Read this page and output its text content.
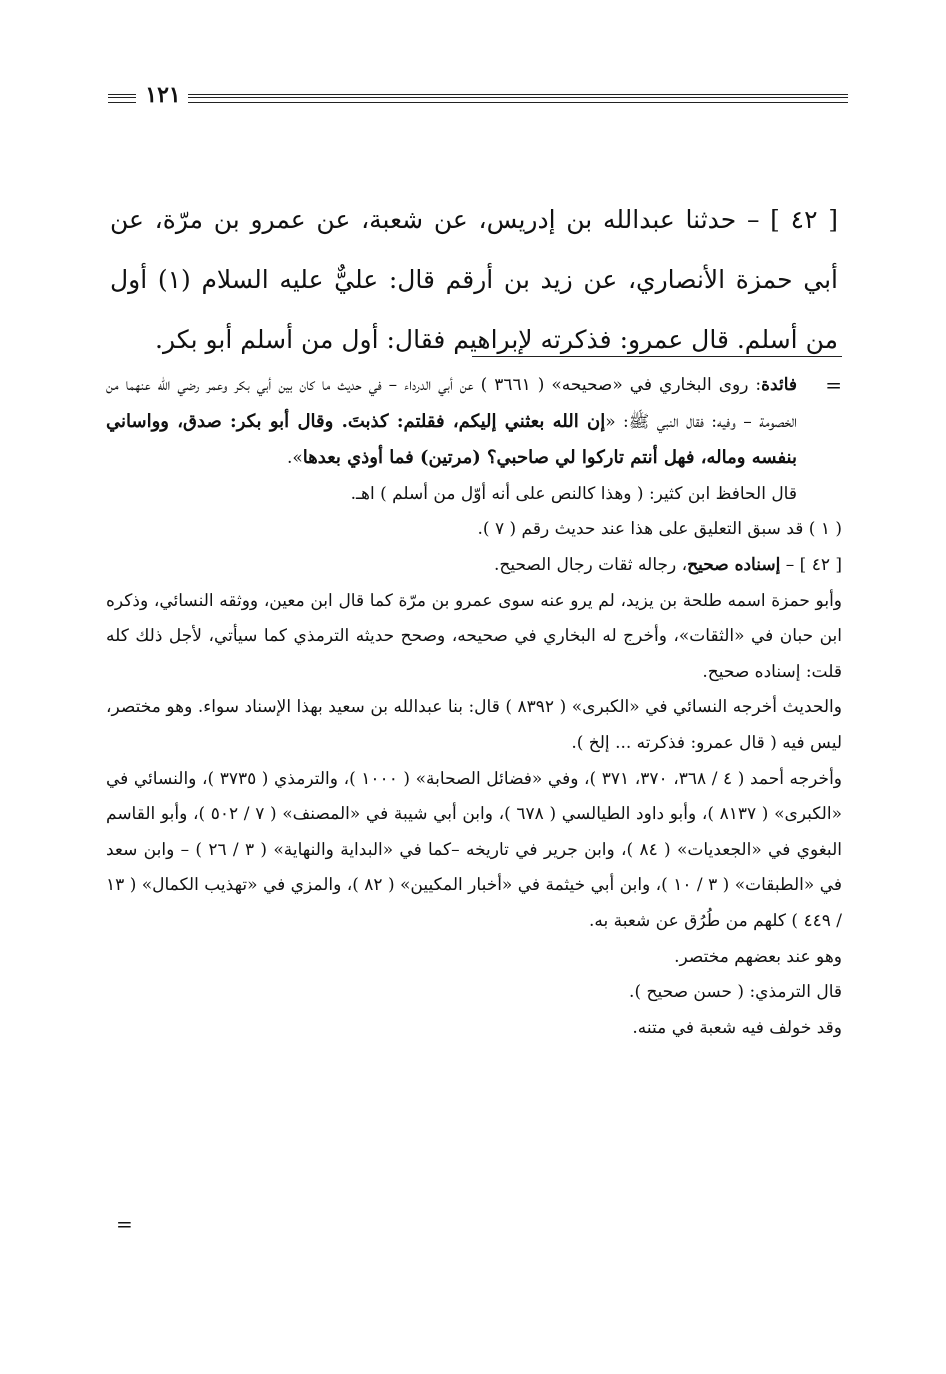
١٢١

[ ٤٢ ] – حدثنا عبدالله بن إدريس، عن شعبة، عن عمرو بن مرّة، عن أبي حمزة الأنصاري، عن زيد بن أرقم قال: عليٌّ عليه السلام (١) أول من أسلم. قال عمرو: فذكرته لإبراهيم فقال: أول من أسلم أبو بكر.

=

فائدة: روى البخاري في «صحيحه» ( ٣٦٦١ ) عن أبي الدرداء – في حديث ما كان بين أبي بكر وعمر رضي الله عنهما من الخصومة – وفيه: فقال النبي ﷺ: «إن الله بعثني إليكم، فقلتم: كذبتَ. وقال أبو بكر: صدق، وواساني بنفسه وماله، فهل أنتم تاركوا لي صاحبي؟ (مرتين) فما أوذي بعدها».

قال الحافظ ابن كثير: ( وهذا كالنص على أنه أوّل من أسلم ) اهـ.

( ١ ) قد سبق التعليق على هذا عند حديث رقم ( ٧ ).

[ ٤٢ ] – إسناده صحيح، رجاله ثقات رجال الصحيح.

وأبو حمزة اسمه طلحة بن يزيد، لم يرو عنه سوى عمرو بن مرّة كما قال ابن معين، ووثقه النسائي، وذكره ابن حبان في «الثقات»، وأخرج له البخاري في صحيحه، وصحح حديثه الترمذي كما سيأتي، لأجل ذلك كله قلت: إسناده صحيح.

والحديث أخرجه النسائي في «الكبرى» ( ٨٣٩٢ ) قال: بنا عبدالله بن سعيد بهذا الإسناد سواء. وهو مختصر، ليس فيه ( قال عمرو: فذكرته ... إلخ ).

وأخرجه أحمد ( ٤ / ٣٦٨، ٣٧٠، ٣٧١ )، وفي «فضائل الصحابة» ( ١٠٠٠ )، والترمذي ( ٣٧٣٥ )، والنسائي في «الكبرى» ( ٨١٣٧ )، وأبو داود الطيالسي ( ٦٧٨ )، وابن أبي شيبة في «المصنف» ( ٧ / ٥٠٢ )، وأبو القاسم البغوي في «الجعديات» ( ٨٤ )، وابن جرير في تاريخه –كما في «البداية والنهاية» ( ٣ / ٢٦ ) – وابن سعد في «الطبقات» ( ٣ / ١٠ )، وابن أبي خيثمة في «أخبار المكيين» ( ٨٢ )، والمزي في «تهذيب الكمال» ( ١٣ / ٤٤٩ ) كلهم من طُرُق عن شعبة به.

وهو عند بعضهم مختصر.

قال الترمذي: ( حسن صحيح ).

وقد خولف فيه شعبة في متنه.

=
